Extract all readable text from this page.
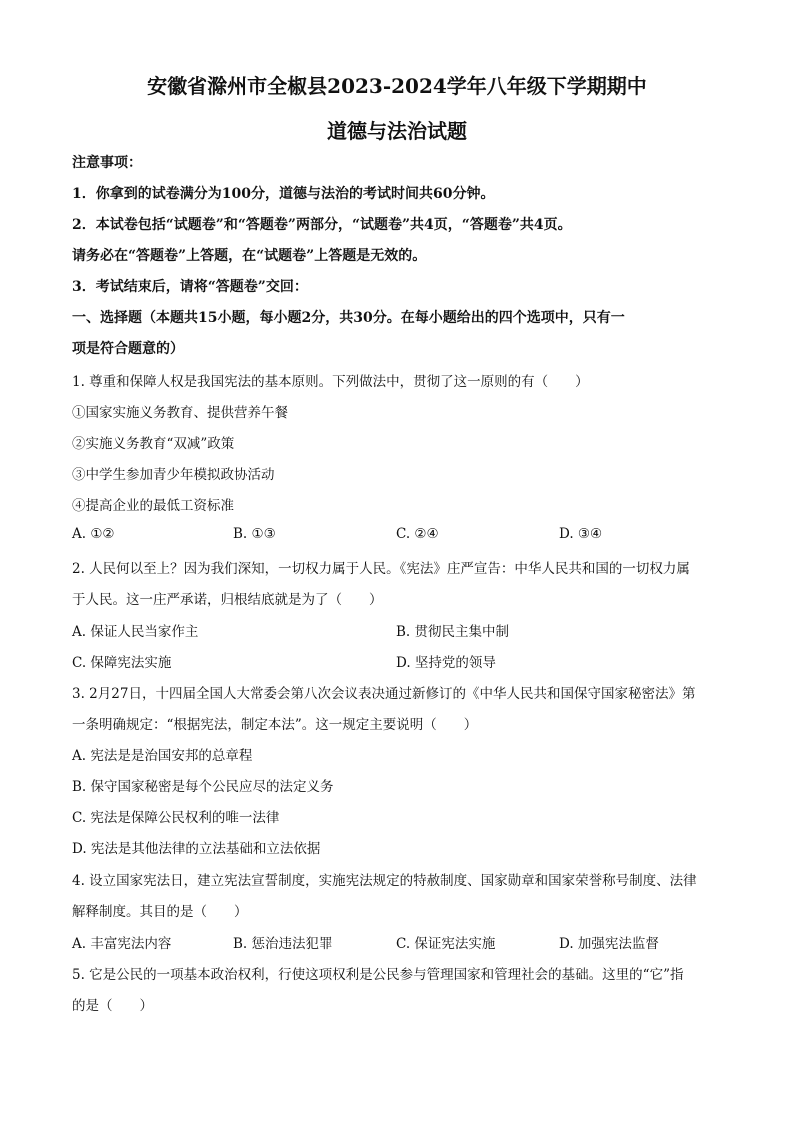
安徽省滁州市全椒县2023-2024学年八年级下学期期中
道德与法治试题
注意事项：
1．你拿到的试卷满分为100分，道德与法治的考试时间共60分钟。
2．本试卷包括“试题卷”和“答题卷”两部分，“试题卷”共4页，“答题卷”共4页。
请务必在“答题卷”上答题，在“试题卷”上答题是无效的。
3．考试结束后，请将“答题卷”交回：
一、选择题（本题共15小题，每小题2分，共30分。在每小题给出的四个选项中，只有一
项是符合题意的）
1. 尊重和保障人权是我国宪法的基本原则。下列做法中，贯彻了这一原则的有（　　）
①国家实施义务教育、提供营养午餐
②实施义务教育“双减”政策
③中学生参加青少年模拟政协活动
④提高企业的最低工资标准
A. ①②	B. ①③	C. ②④	D. ③④
2. 人民何以至上？因为我们深知，一切权力属于人民。《宪法》庄严宣告：中华人民共和国的一切权力属
于人民。这一庄严承诺，归根结底就是为了（　　）
A. 保证人民当家作主	B. 贯彻民主集中制
C. 保障宪法实施	D. 坚持党的领导
3. 2月27日，十四届全国人大常委会第八次会议表决通过新修订的《中华人民共和国保守国家秘密法》第
一条明确规定：“根据宪法，制定本法”。这一规定主要说明（　　）
A. 宪法是是治国安邦的总章程
B. 保守国家秘密是每个公民应尽的法定义务
C. 宪法是保障公民权利的唯一法律
D. 宪法是其他法律的立法基础和立法依据
4. 设立国家宪法日，建立宪法宣誓制度，实施宪法规定的特赦制度、国家勋章和国家荣誉称号制度、法律
解释制度。其目的是（　　）
A. 丰富宪法内容	B. 惩治违法犯罪	C. 保证宪法实施	D. 加强宪法监督
5. 它是公民的一项基本政治权利，行使这项权利是公民参与管理国家和管理社会的基础。这里的“它”指
的是（　　）
